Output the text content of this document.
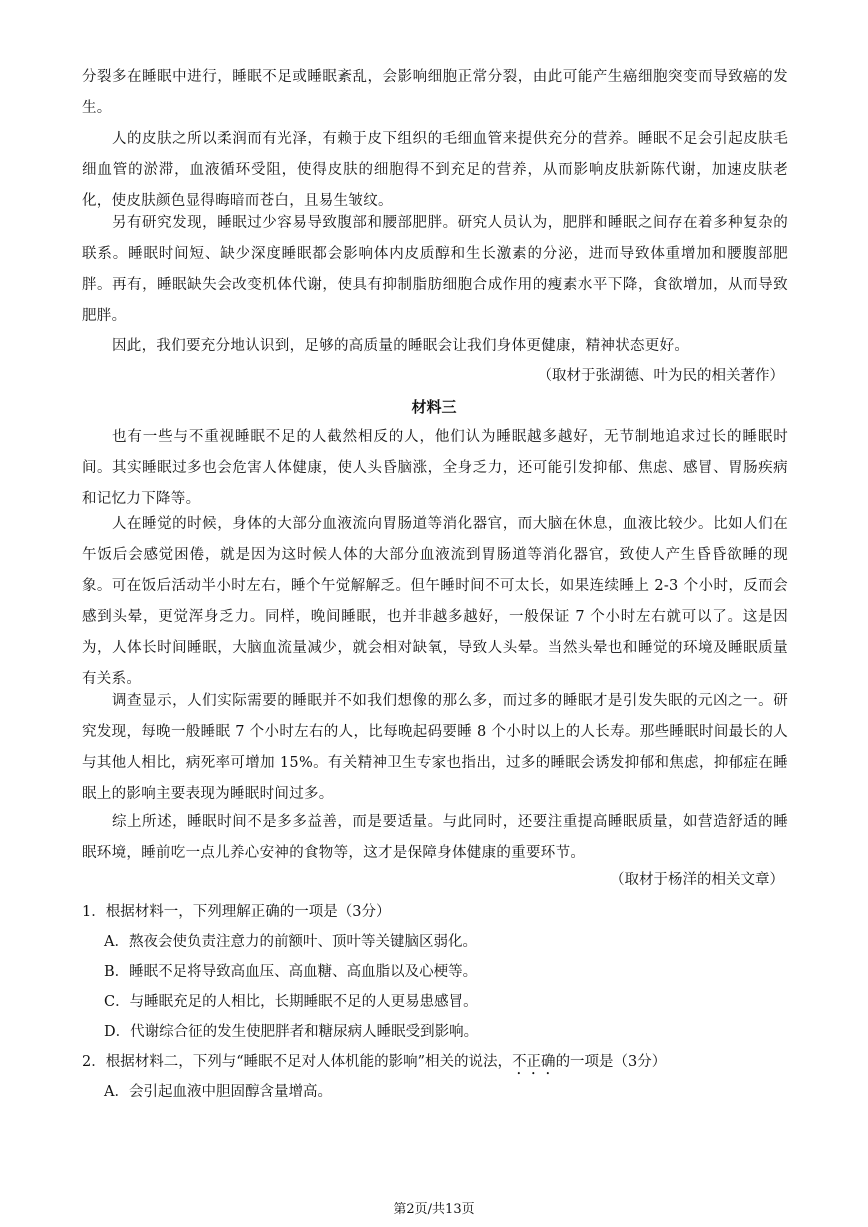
分裂多在睡眠中进行，睡眠不足或睡眠紊乱，会影响细胞正常分裂，由此可能产生癌细胞突变而导致癌的发生。
人的皮肤之所以柔润而有光泽，有赖于皮下组织的毛细血管来提供充分的营养。睡眠不足会引起皮肤毛细血管的淤滞，血液循环受阻，使得皮肤的细胞得不到充足的营养，从而影响皮肤新陈代谢，加速皮肤老化，使皮肤颜色显得晦暗而苍白，且易生皱纹。
另有研究发现，睡眠过少容易导致腹部和腰部肥胖。研究人员认为，肥胖和睡眠之间存在着多种复杂的联系。睡眠时间短、缺少深度睡眠都会影响体内皮质醇和生长激素的分泌，进而导致体重增加和腰腹部肥胖。再有，睡眠缺失会改变机体代谢，使具有抑制脂肪细胞合成作用的瘦素水平下降，食欲增加，从而导致肥胖。
因此，我们要充分地认识到，足够的高质量的睡眠会让我们身体更健康，精神状态更好。
（取材于张湖德、叶为民的相关著作）
材料三
也有一些与不重视睡眠不足的人截然相反的人，他们认为睡眠越多越好，无节制地追求过长的睡眠时间。其实睡眠过多也会危害人体健康，使人头昏脑涨，全身乏力，还可能引发抑郁、焦虑、感冒、胃肠疾病和记忆力下降等。
人在睡觉的时候，身体的大部分血液流向胃肠道等消化器官，而大脑在休息，血液比较少。比如人们在午饭后会感觉困倦，就是因为这时候人体的大部分血液流到胃肠道等消化器官，致使人产生昏昏欲睡的现象。可在饭后活动半小时左右，睡个午觉解解乏。但午睡时间不可太长，如果连续睡上 2-3 个小时，反而会感到头晕，更觉浑身乏力。同样，晚间睡眠，也并非越多越好，一般保证 7 个小时左右就可以了。这是因为，人体长时间睡眠，大脑血流量减少，就会相对缺氧，导致人头晕。当然头晕也和睡觉的环境及睡眠质量有关系。
调查显示，人们实际需要的睡眠并不如我们想像的那么多，而过多的睡眠才是引发失眠的元凶之一。研究发现，每晚一般睡眠 7 个小时左右的人，比每晚起码要睡 8 个小时以上的人长寿。那些睡眠时间最长的人与其他人相比，病死率可增加 15%。有关精神卫生专家也指出，过多的睡眠会诱发抑郁和焦虑，抑郁症在睡眠上的影响主要表现为睡眠时间过多。
综上所述，睡眠时间不是多多益善，而是要适量。与此同时，还要注重提高睡眠质量，如营造舒适的睡眠环境，睡前吃一点儿养心安神的食物等，这才是保障身体健康的重要环节。
（取材于杨洋的相关文章）
1．根据材料一，下列理解正确的一项是（3分）
A．熬夜会使负责注意力的前额叶、顶叶等关键脑区弱化。
B．睡眠不足将导致高血压、高血糖、高血脂以及心梗等。
C．与睡眠充足的人相比，长期睡眠不足的人更易患感冒。
D．代谢综合征的发生使肥胖者和糖尿病人睡眠受到影响。
2．根据材料二，下列与“睡眠不足对人体机能的影响”相关的说法，不正确的一项是（3分）
A．会引起血液中胆固醇含量增高。
第2页/共13页
